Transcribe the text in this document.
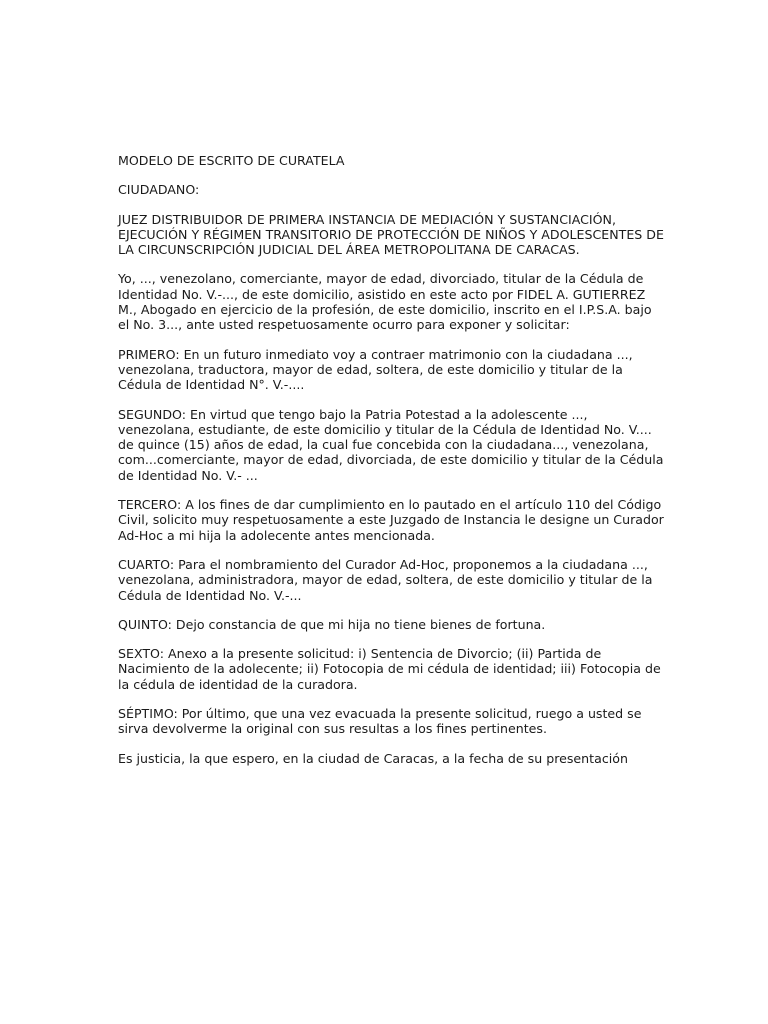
MODELO DE ESCRITO DE CURATELA

CIUDADANO:

JUEZ DISTRIBUIDOR DE PRIMERA INSTANCIA DE MEDIACIÓN Y SUSTANCIACIÓN,
EJECUCIÓN Y RÉGIMEN TRANSITORIO DE PROTECCIÓN DE NIÑOS Y ADOLESCENTES DE
LA CIRCUNSCRIPCIÓN JUDICIAL DEL ÁREA METROPOLITANA DE CARACAS.

Yo, ..., venezolano, comerciante, mayor de edad, divorciado, titular de la Cédula de
Identidad No. V.-..., de este domicilio, asistido en este acto por FIDEL A. GUTIERREZ
M., Abogado en ejercicio de la profesión, de este domicilio, inscrito en el I.P.S.A. bajo
el No. 3..., ante usted respetuosamente ocurro para exponer y solicitar:

PRIMERO: En un futuro inmediato voy a contraer matrimonio con la ciudadana ...,
venezolana, traductora, mayor de edad, soltera, de este domicilio y titular de la
Cédula de Identidad N°. V.-....

SEGUNDO: En virtud que tengo bajo la Patria Potestad a la adolescente ...,
venezolana, estudiante, de este domicilio y titular de la Cédula de Identidad No. V....
de quince (15) años de edad, la cual fue concebida con la ciudadana..., venezolana,
com...comerciante, mayor de edad, divorciada, de este domicilio y titular de la Cédula
de Identidad No. V.- ...

TERCERO: A los fines de dar cumplimiento en lo pautado en el artículo 110 del Código
Civil, solicito muy respetuosamente a este Juzgado de Instancia le designe un Curador
Ad-Hoc a mi hija la adolecente antes mencionada.

CUARTO: Para el nombramiento del Curador Ad-Hoc, proponemos a la ciudadana ...,
venezolana, administradora, mayor de edad, soltera, de este domicilio y titular de la
Cédula de Identidad No. V.-...

QUINTO: Dejo constancia de que mi hija no tiene bienes de fortuna.

SEXTO: Anexo a la presente solicitud: i) Sentencia de Divorcio; (ii) Partida de
Nacimiento de la adolecente; ii) Fotocopia de mi cédula de identidad; iii) Fotocopia de
la cédula de identidad de la curadora.

SÉPTIMO: Por último, que una vez evacuada la presente solicitud, ruego a usted se
sirva devolverme la original con sus resultas a los fines pertinentes.

Es justicia, la que espero, en la ciudad de Caracas, a la fecha de su presentación
